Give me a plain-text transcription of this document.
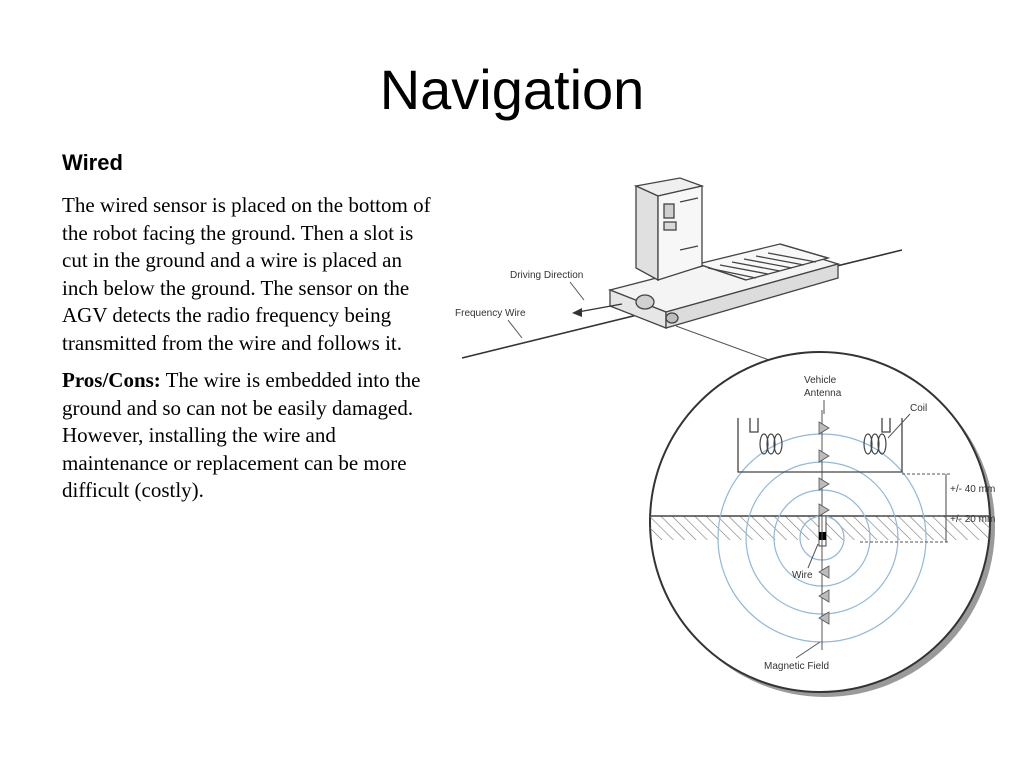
Navigation
Wired

The wired sensor is placed on the bottom of the robot facing the ground. Then a slot is cut in the ground and a wire is placed an inch below the ground. The sensor on the AGV detects the radio frequency being transmitted from the wire and follows it.

Pros/Cons: The wire is embedded into the ground and so can not be easily damaged. However, installing the wire and maintenance or replacement can be more difficult (costly).

Driving Direction
Frequency Wire
+/- 40 mm
+/- 20 mm
Vehicle
Antenna
Coil
Wire
Magnetic Field
